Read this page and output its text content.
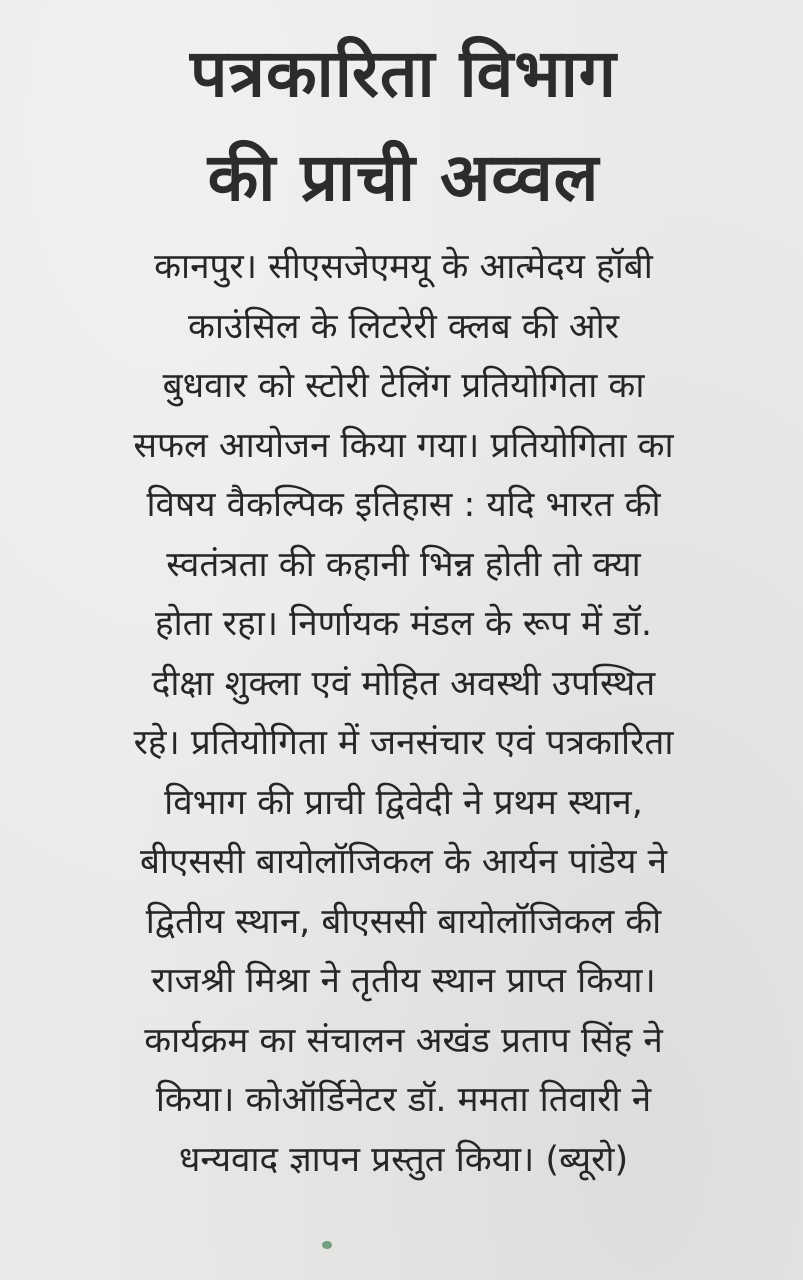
पत्रकारिता विभाग
की प्राची अव्वल
कानपुर। सीएसजेएमयू के आत्मेदय हॉबी
काउंसिल के लिटरेरी क्लब की ओर
बुधवार को स्टोरी टेलिंग प्रतियोगिता का
सफल आयोजन किया गया। प्रतियोगिता का
विषय वैकल्पिक इतिहास : यदि भारत की
स्वतंत्रता की कहानी भिन्न होती तो क्या
होता रहा। निर्णायक मंडल के रूप में डॉ.
दीक्षा शुक्ला एवं मोहित अवस्थी उपस्थित
रहे। प्रतियोगिता में जनसंचार एवं पत्रकारिता
विभाग की प्राची द्विवेदी ने प्रथम स्थान,
बीएससी बायोलॉजिकल के आर्यन पांडेय ने
द्वितीय स्थान, बीएससी बायोलॉजिकल की
राजश्री मिश्रा ने तृतीय स्थान प्राप्त किया।
कार्यक्रम का संचालन अखंड प्रताप सिंह ने
किया। कोऑर्डिनेटर डॉ. ममता तिवारी ने
धन्यवाद ज्ञापन प्रस्तुत किया। (ब्यूरो)
